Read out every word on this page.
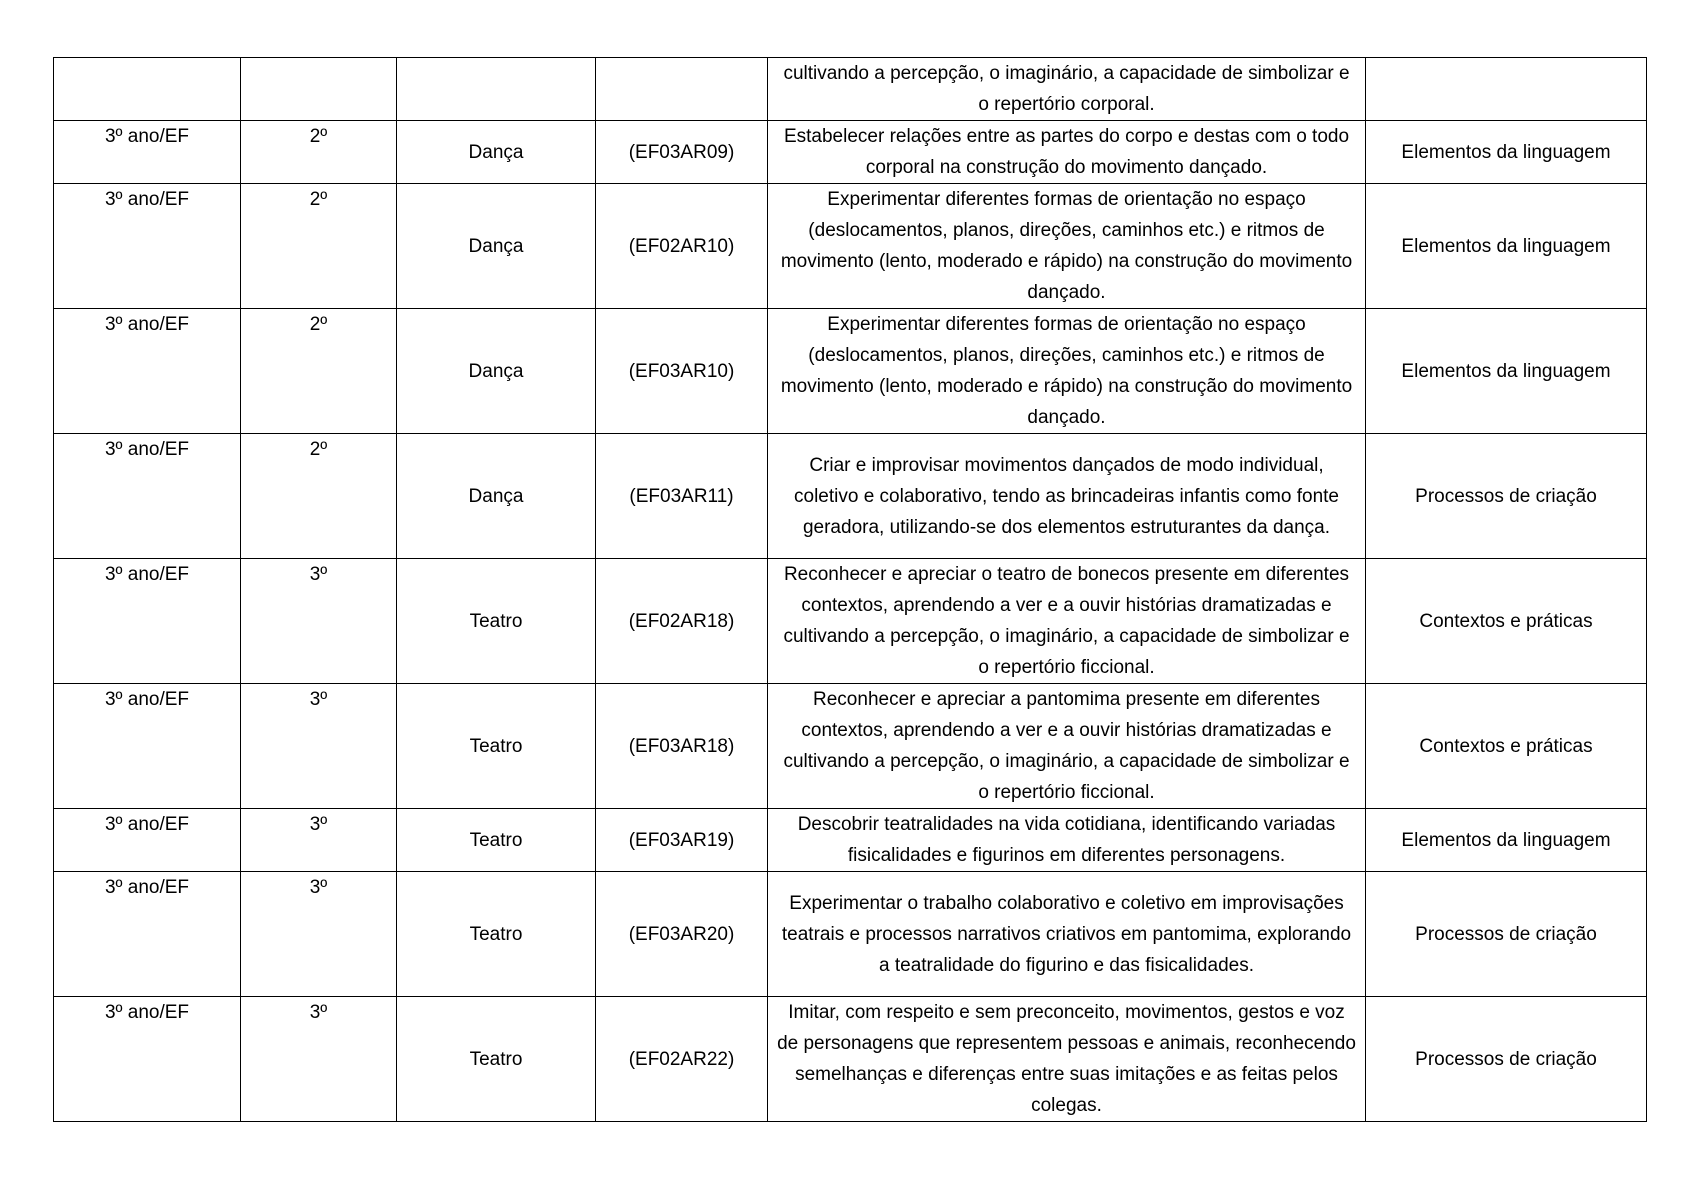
				cultivando a percepção, o imaginário, a capacidade de simbolizar e o repertório corporal.	
3º ano/EF	2º	Dança	(EF03AR09)	Estabelecer relações entre as partes do corpo e destas com o todo corporal na construção do movimento dançado.	Elementos da linguagem
3º ano/EF	2º	Dança	(EF02AR10)	Experimentar diferentes formas de orientação no espaço (deslocamentos, planos, direções, caminhos etc.) e ritmos de movimento (lento, moderado e rápido) na construção do movimento dançado.	Elementos da linguagem
3º ano/EF	2º	Dança	(EF03AR10)	Experimentar diferentes formas de orientação no espaço (deslocamentos, planos, direções, caminhos etc.) e ritmos de movimento (lento, moderado e rápido) na construção do movimento dançado.	Elementos da linguagem
3º ano/EF	2º	Dança	(EF03AR11)	Criar e improvisar movimentos dançados de modo individual, coletivo e colaborativo, tendo as brincadeiras infantis como fonte geradora, utilizando-se dos elementos estruturantes da dança.	Processos de criação
3º ano/EF	3º	Teatro	(EF02AR18)	Reconhecer e apreciar o teatro de bonecos presente em diferentes contextos, aprendendo a ver e a ouvir histórias dramatizadas e cultivando a percepção, o imaginário, a capacidade de simbolizar e o repertório ficcional.	Contextos e práticas
3º ano/EF	3º	Teatro	(EF03AR18)	Reconhecer e apreciar a pantomima presente em diferentes contextos, aprendendo a ver e a ouvir histórias dramatizadas e cultivando a percepção, o imaginário, a capacidade de simbolizar e o repertório ficcional.	Contextos e práticas
3º ano/EF	3º	Teatro	(EF03AR19)	Descobrir teatralidades na vida cotidiana, identificando variadas fisicalidades e figurinos em diferentes personagens.	Elementos da linguagem
3º ano/EF	3º	Teatro	(EF03AR20)	Experimentar o trabalho colaborativo e coletivo em improvisações teatrais e processos narrativos criativos em pantomima, explorando a teatralidade do figurino e das fisicalidades.	Processos de criação
3º ano/EF	3º	Teatro	(EF02AR22)	Imitar, com respeito e sem preconceito, movimentos, gestos e voz de personagens que representem pessoas e animais, reconhecendo semelhanças e diferenças entre suas imitações e as feitas pelos colegas.	Processos de criação
